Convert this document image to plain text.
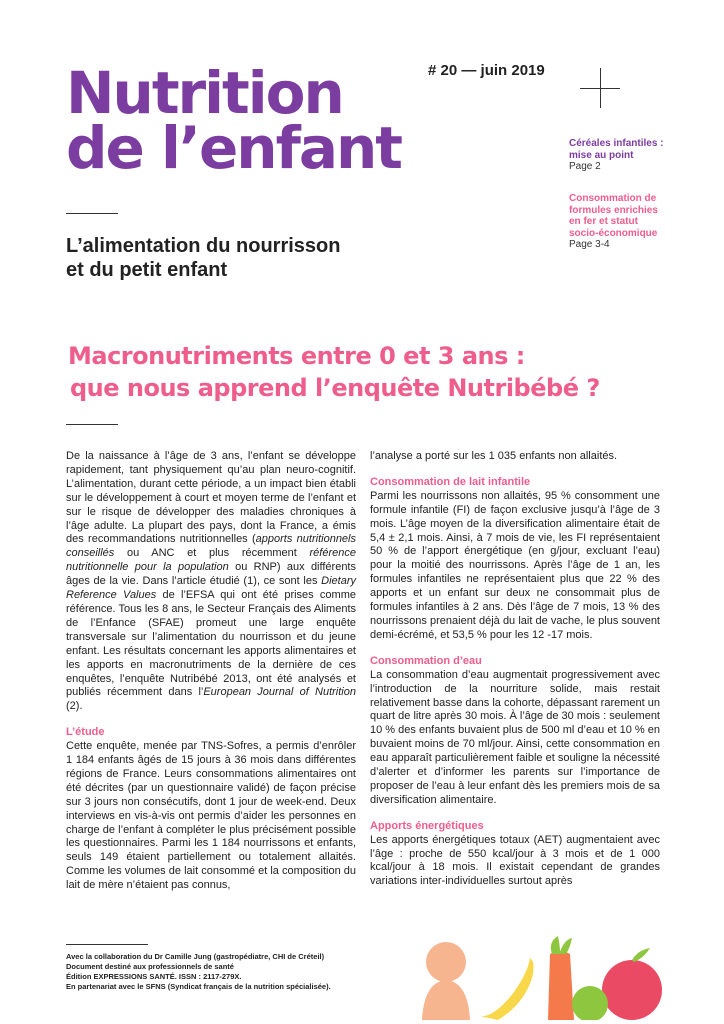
Nutrition
de l’enfant
L’alimentation du nourrisson
et du petit enfant
# 20 — juin 2019
Céréales infantiles :
mise au point
Page 2
Consommation de
formules enrichies
en fer et statut
socio-économique
Page 3-4
Macronutriments entre 0 et 3 ans :
que nous apprend l’enquête Nutribébé ?

De la naissance à l’âge de 3 ans, l’enfant se développe rapidement, tant physiquement qu’au plan neuro-cognitif. L’alimentation, durant cette période, a un impact bien établi sur le développement à court et moyen terme de l’enfant et sur le risque de développer des maladies chroniques à l’âge adulte. La plupart des pays, dont la France, a émis des recommandations nutritionnelles (apports nutritionnels conseillés ou ANC et plus récemment référence nutritionnelle pour la population ou RNP) aux différents âges de la vie. Dans l’article étudié (1), ce sont les Dietary Reference Values de l’EFSA qui ont été prises comme référence. Tous les 8 ans, le Secteur Français des Aliments de l’Enfance (SFAE) promeut une large enquête transversale sur l’alimentation du nourrisson et du jeune enfant. Les résultats concernant les apports alimentaires et les apports en macronutriments de la dernière de ces enquêtes, l’enquête Nutribébé 2013, ont été analysés et publiés récemment dans l’European Journal of Nutrition (2).

L’étude

Cette enquête, menée par TNS-Sofres, a permis d’enrôler 1 184 enfants âgés de 15 jours à 36 mois dans différentes régions de France. Leurs consommations alimentaires ont été décrites (par un questionnaire validé) de façon précise sur 3 jours non consécutifs, dont 1 jour de week-end. Deux interviews en vis-à-vis ont permis d’aider les personnes en charge de l’enfant à compléter le plus précisément possible les questionnaires. Parmi les 1 184 nourrissons et enfants, seuls 149 étaient partiellement ou totalement allaités. Comme les volumes de lait consommé et la composition du lait de mère n’étaient pas connus,

l’analyse a porté sur les 1 035 enfants non allaités.

Consommation de lait infantile

Parmi les nourrissons non allaités, 95 % consomment une formule infantile (FI) de façon exclusive jusqu’à l’âge de 3 mois. L’âge moyen de la diversification alimentaire était de 5,4 ± 2,1 mois. Ainsi, à 7 mois de vie, les FI représentaient 50 % de l’apport énergétique (en g/jour, excluant l’eau) pour la moitié des nourrissons. Après l’âge de 1 an, les formules infantiles ne représentaient plus que 22 % des apports et un enfant sur deux ne consommait plus de formules infantiles à 2 ans. Dès l’âge de 7 mois, 13 % des nourrissons prenaient déjà du lait de vache, le plus souvent demi-écrémé, et 53,5 % pour les 12 -17 mois.

Consommation d’eau

La consommation d’eau augmentait progressivement avec l’introduction de la nourriture solide, mais restait relativement basse dans la cohorte, dépassant rarement un quart de litre après 30 mois. À l’âge de 30 mois : seulement 10 % des enfants buvaient plus de 500 ml d’eau et 10 % en buvaient moins de 70 ml/jour. Ainsi, cette consommation en eau apparaît particulièrement faible et souligne la nécessité d’alerter et d’informer les parents sur l’importance de proposer de l’eau à leur enfant dès les premiers mois de sa diversification alimentaire.

Apports énergétiques

Les apports énergétiques totaux (AET) augmentaient avec l’âge : proche de 550 kcal/jour à 3 mois et de 1 000 kcal/jour à 18 mois. Il existait cependant de grandes variations inter-individuelles surtout après

Avec la collaboration du Dr Camille Jung (gastropédiatre, CHI de Créteil)
Document destiné aux professionnels de santé
Édition EXPRESSIONS SANTÉ. ISSN : 2117-279X.
En partenariat avec le SFNS (Syndicat français de la nutrition spécialisée).
